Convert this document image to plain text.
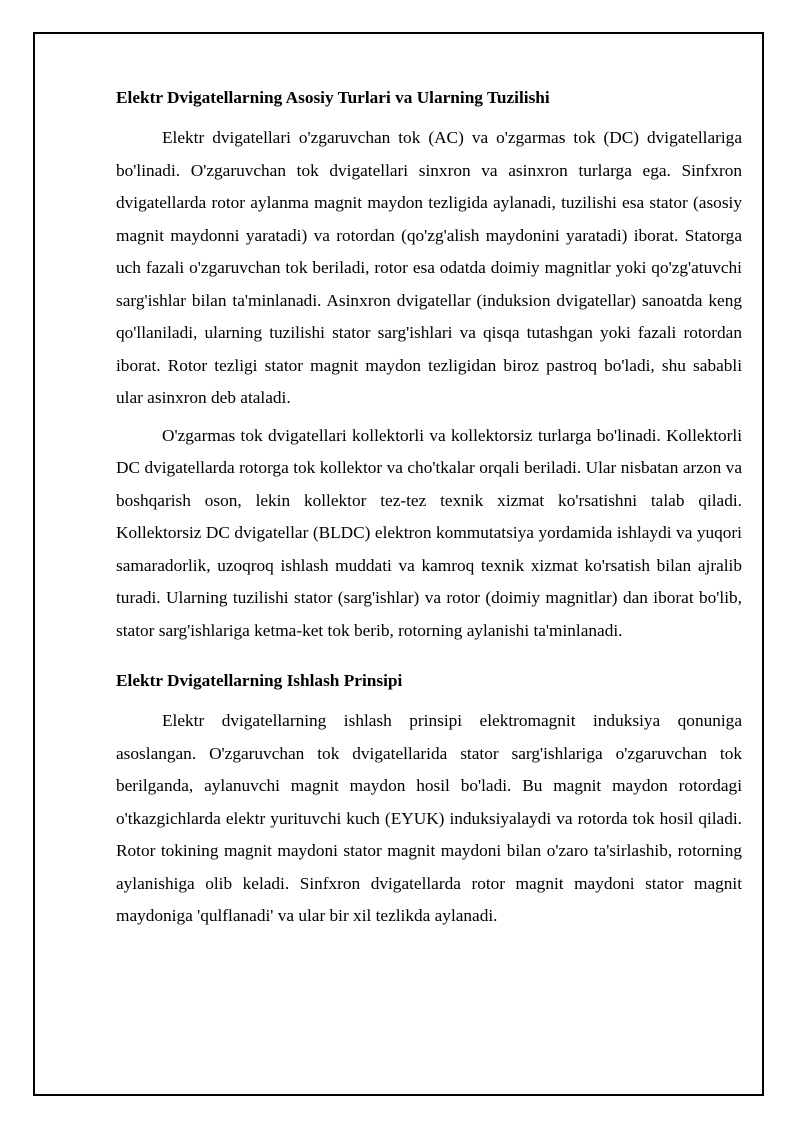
Elektr Dvigatellarning Asosiy Turlari va Ularning Tuzilishi

Elektr dvigatellari o'zgaruvchan tok (AC) va o'zgarmas tok (DC) dvigatellariga bo'linadi. O'zgaruvchan tok dvigatellari sinxron va asinxron turlarga ega. Sinfxron dvigatellarda rotor aylanma magnit maydon tezligida aylanadi, tuzilishi esa stator (asosiy magnit maydonni yaratadi) va rotordan (qo'zg'alish maydonini yaratadi) iborat. Statorga uch fazali o'zgaruvchan tok beriladi, rotor esa odatda doimiy magnitlar yoki qo'zg'atuvchi sarg'ishlar bilan ta'minlanadi. Asinxron dvigatellar (induksion dvigatellar) sanoatda keng qo'llaniladi, ularning tuzilishi stator sarg'ishlari va qisqa tutashgan yoki fazali rotordan iborat. Rotor tezligi stator magnit maydon tezligidan biroz pastroq bo'ladi, shu sababli ular asinxron deb ataladi.

O'zgarmas tok dvigatellari kollektorli va kollektorsiz turlarga bo'linadi. Kollektorli DC dvigatellarda rotorga tok kollektor va cho'tkalar orqali beriladi. Ular nisbatan arzon va boshqarish oson, lekin kollektor tez-tez texnik xizmat ko'rsatishni talab qiladi. Kollektorsiz DC dvigatellar (BLDC) elektron kommutatsiya yordamida ishlaydi va yuqori samaradorlik, uzoqroq ishlash muddati va kamroq texnik xizmat ko'rsatish bilan ajralib turadi. Ularning tuzilishi stator (sarg'ishlar) va rotor (doimiy magnitlar) dan iborat bo'lib, stator sarg'ishlariga ketma-ket tok berib, rotorning aylanishi ta'minlanadi.

Elektr Dvigatellarning Ishlash Prinsipi

Elektr dvigatellarning ishlash prinsipi elektromagnit induksiya qonuniga asoslangan. O'zgaruvchan tok dvigatellarida stator sarg'ishlariga o'zgaruvchan tok berilganda, aylanuvchi magnit maydon hosil bo'ladi. Bu magnit maydon rotordagi o'tkazgichlarda elektr yurituvchi kuch (EYUK) induksiyalaydi va rotorda tok hosil qiladi. Rotor tokining magnit maydoni stator magnit maydoni bilan o'zaro ta'sirlashib, rotorning aylanishiga olib keladi. Sinfxron dvigatellarda rotor magnit maydoni stator magnit maydoniga 'qulflanadi' va ular bir xil tezlikda aylanadi.
